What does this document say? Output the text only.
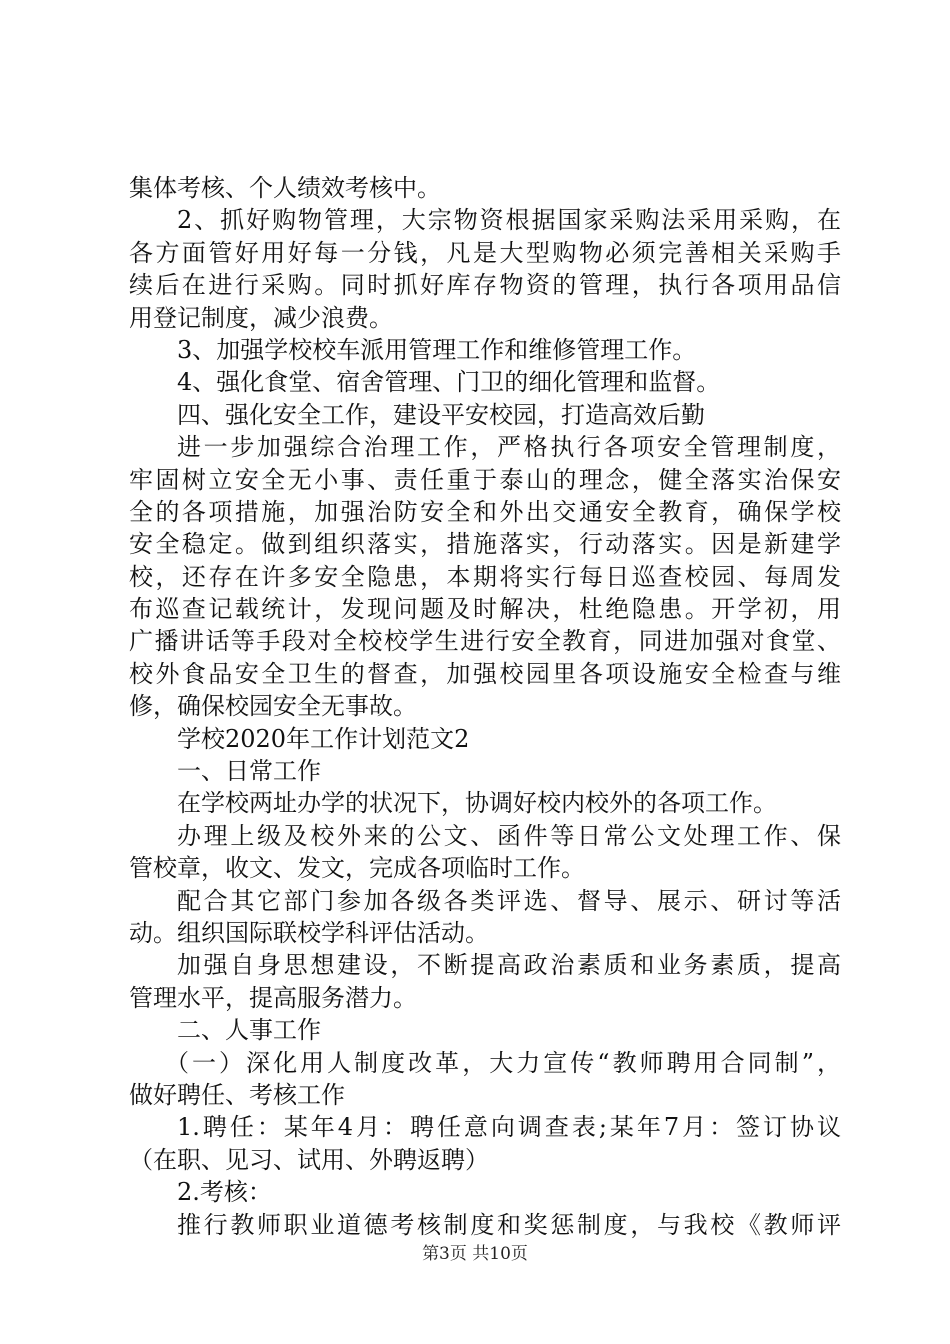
集体考核、个人绩效考核中。
2、抓好购物管理，大宗物资根据国家采购法采用采购，在
各方面管好用好每一分钱，凡是大型购物必须完善相关采购手
续后在进行采购。同时抓好库存物资的管理，执行各项用品信
用登记制度，减少浪费。
3、加强学校校车派用管理工作和维修管理工作。
4、强化食堂、宿舍管理、门卫的细化管理和监督。
四、强化安全工作，建设平安校园，打造高效后勤
进一步加强综合治理工作，严格执行各项安全管理制度，
牢固树立安全无小事、责任重于泰山的理念，健全落实治保安
全的各项措施，加强治防安全和外出交通安全教育，确保学校
安全稳定。做到组织落实，措施落实，行动落实。因是新建学
校，还存在许多安全隐患，本期将实行每日巡查校园、每周发
布巡查记载统计，发现问题及时解决，杜绝隐患。开学初，用
广播讲话等手段对全校校学生进行安全教育，同进加强对食堂、
校外食品安全卫生的督查，加强校园里各项设施安全检查与维
修，确保校园安全无事故。
学校2020年工作计划范文2
一、日常工作
在学校两址办学的状况下，协调好校内校外的各项工作。
办理上级及校外来的公文、函件等日常公文处理工作、保
管校章，收文、发文，完成各项临时工作。
配合其它部门参加各级各类评选、督导、展示、研讨等活
动。组织国际联校学科评估活动。
加强自身思想建设，不断提高政治素质和业务素质，提高
管理水平，提高服务潜力。
二、人事工作
（一）深化用人制度改革，大力宣传“教师聘用合同制”，
做好聘任、考核工作
1.聘任：某年4月：聘任意向调查表;某年7月：签订协议
（在职、见习、试用、外聘返聘）
2.考核：
推行教师职业道德考核制度和奖惩制度，与我校《教师评
第3页 共10页
